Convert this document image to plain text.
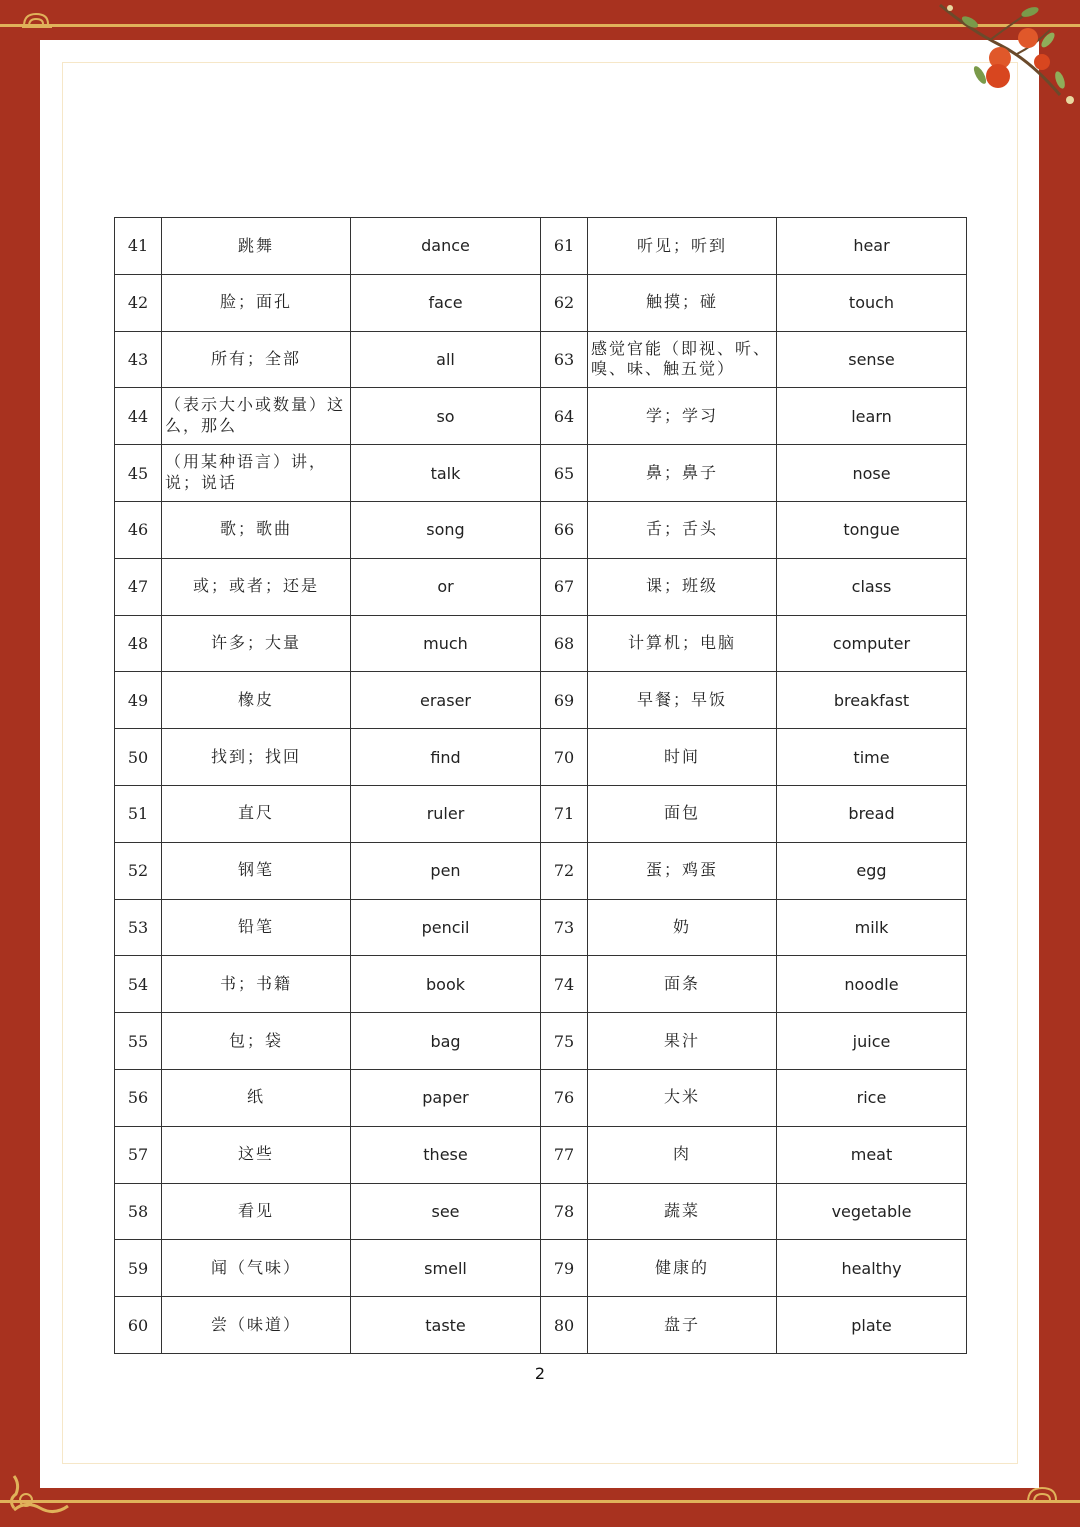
41	跳舞	dance	61	听见；听到	hear
42	脸；面孔	face	62	触摸；碰	touch
43	所有；全部	all	63	感觉官能（即视、听、嗅、味、触五觉）	sense
44	（表示大小或数量）这么，那么	so	64	学；学习	learn
45	（用某种语言）讲，说；说话	talk	65	鼻；鼻子	nose
46	歌；歌曲	song	66	舌；舌头	tongue
47	或；或者；还是	or	67	课；班级	class
48	许多；大量	much	68	计算机；电脑	computer
49	橡皮	eraser	69	早餐；早饭	breakfast
50	找到；找回	find	70	时间	time
51	直尺	ruler	71	面包	bread
52	钢笔	pen	72	蛋；鸡蛋	egg
53	铅笔	pencil	73	奶	milk
54	书；书籍	book	74	面条	noodle
55	包；袋	bag	75	果汁	juice
56	纸	paper	76	大米	rice
57	这些	these	77	肉	meat
58	看见	see	78	蔬菜	vegetable
59	闻（气味）	smell	79	健康的	healthy
60	尝（味道）	taste	80	盘子	plate
2
